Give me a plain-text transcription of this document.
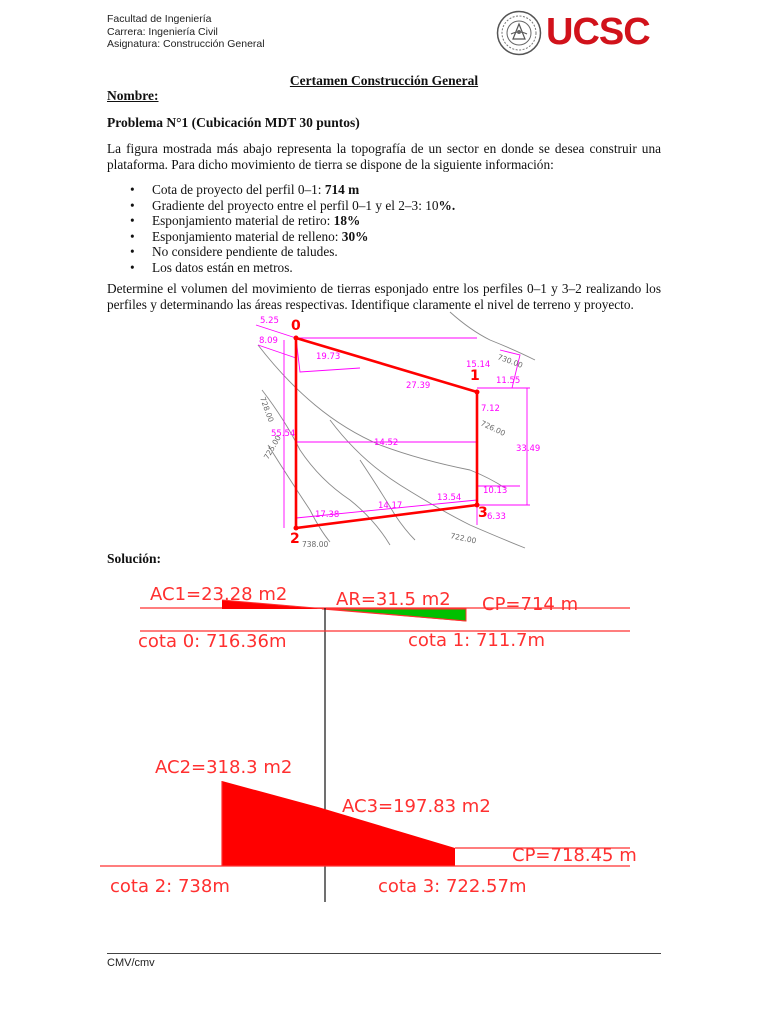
Facultad de Ingeniería
Carrera: Ingeniería Civil
Asignatura: Construcción General	UCSC
Certamen Construcción General
Nombre:
Problema N°1 (Cubicación MDT 30 puntos)
La figura mostrada más abajo representa la topografía de un sector en donde se desea construir una plataforma. Para dicho movimiento de tierra se dispone de la siguiente información:
• Cota de proyecto del perfil 0–1: 714 m
• Gradiente del proyecto entre el perfil 0–1 y el 2–3: 10%.
• Esponjamiento material de retiro: 18%
• Esponjamiento material de relleno: 30%
• No considere pendiente de taludes.
• Los datos están en metros.
Determine el volumen del movimiento de tierras esponjado entre los perfiles 0–1 y 3–2 realizando los perfiles y determinando las áreas respectivas. Identifique claramente el nivel de terreno y proyecto.
0
1
2
3
5.25
8.09
19.73
27.39
15.14
11.55
7.12
33.49
55.54
14.52
10.13
13.54
14.17
17.38	6.33
730.00
726.00
728.00
738.00
725.00
722.00
Solución:
AC1=23.28 m2	AR=31.5 m2 CP=714 m
cota 0: 716.36m	cota 1: 711.7m
AC2=318.3 m2
AC3=197.83 m2
CP=718.45 m
cota 2: 738m	cota 3: 722.57m
CMV/cmv
